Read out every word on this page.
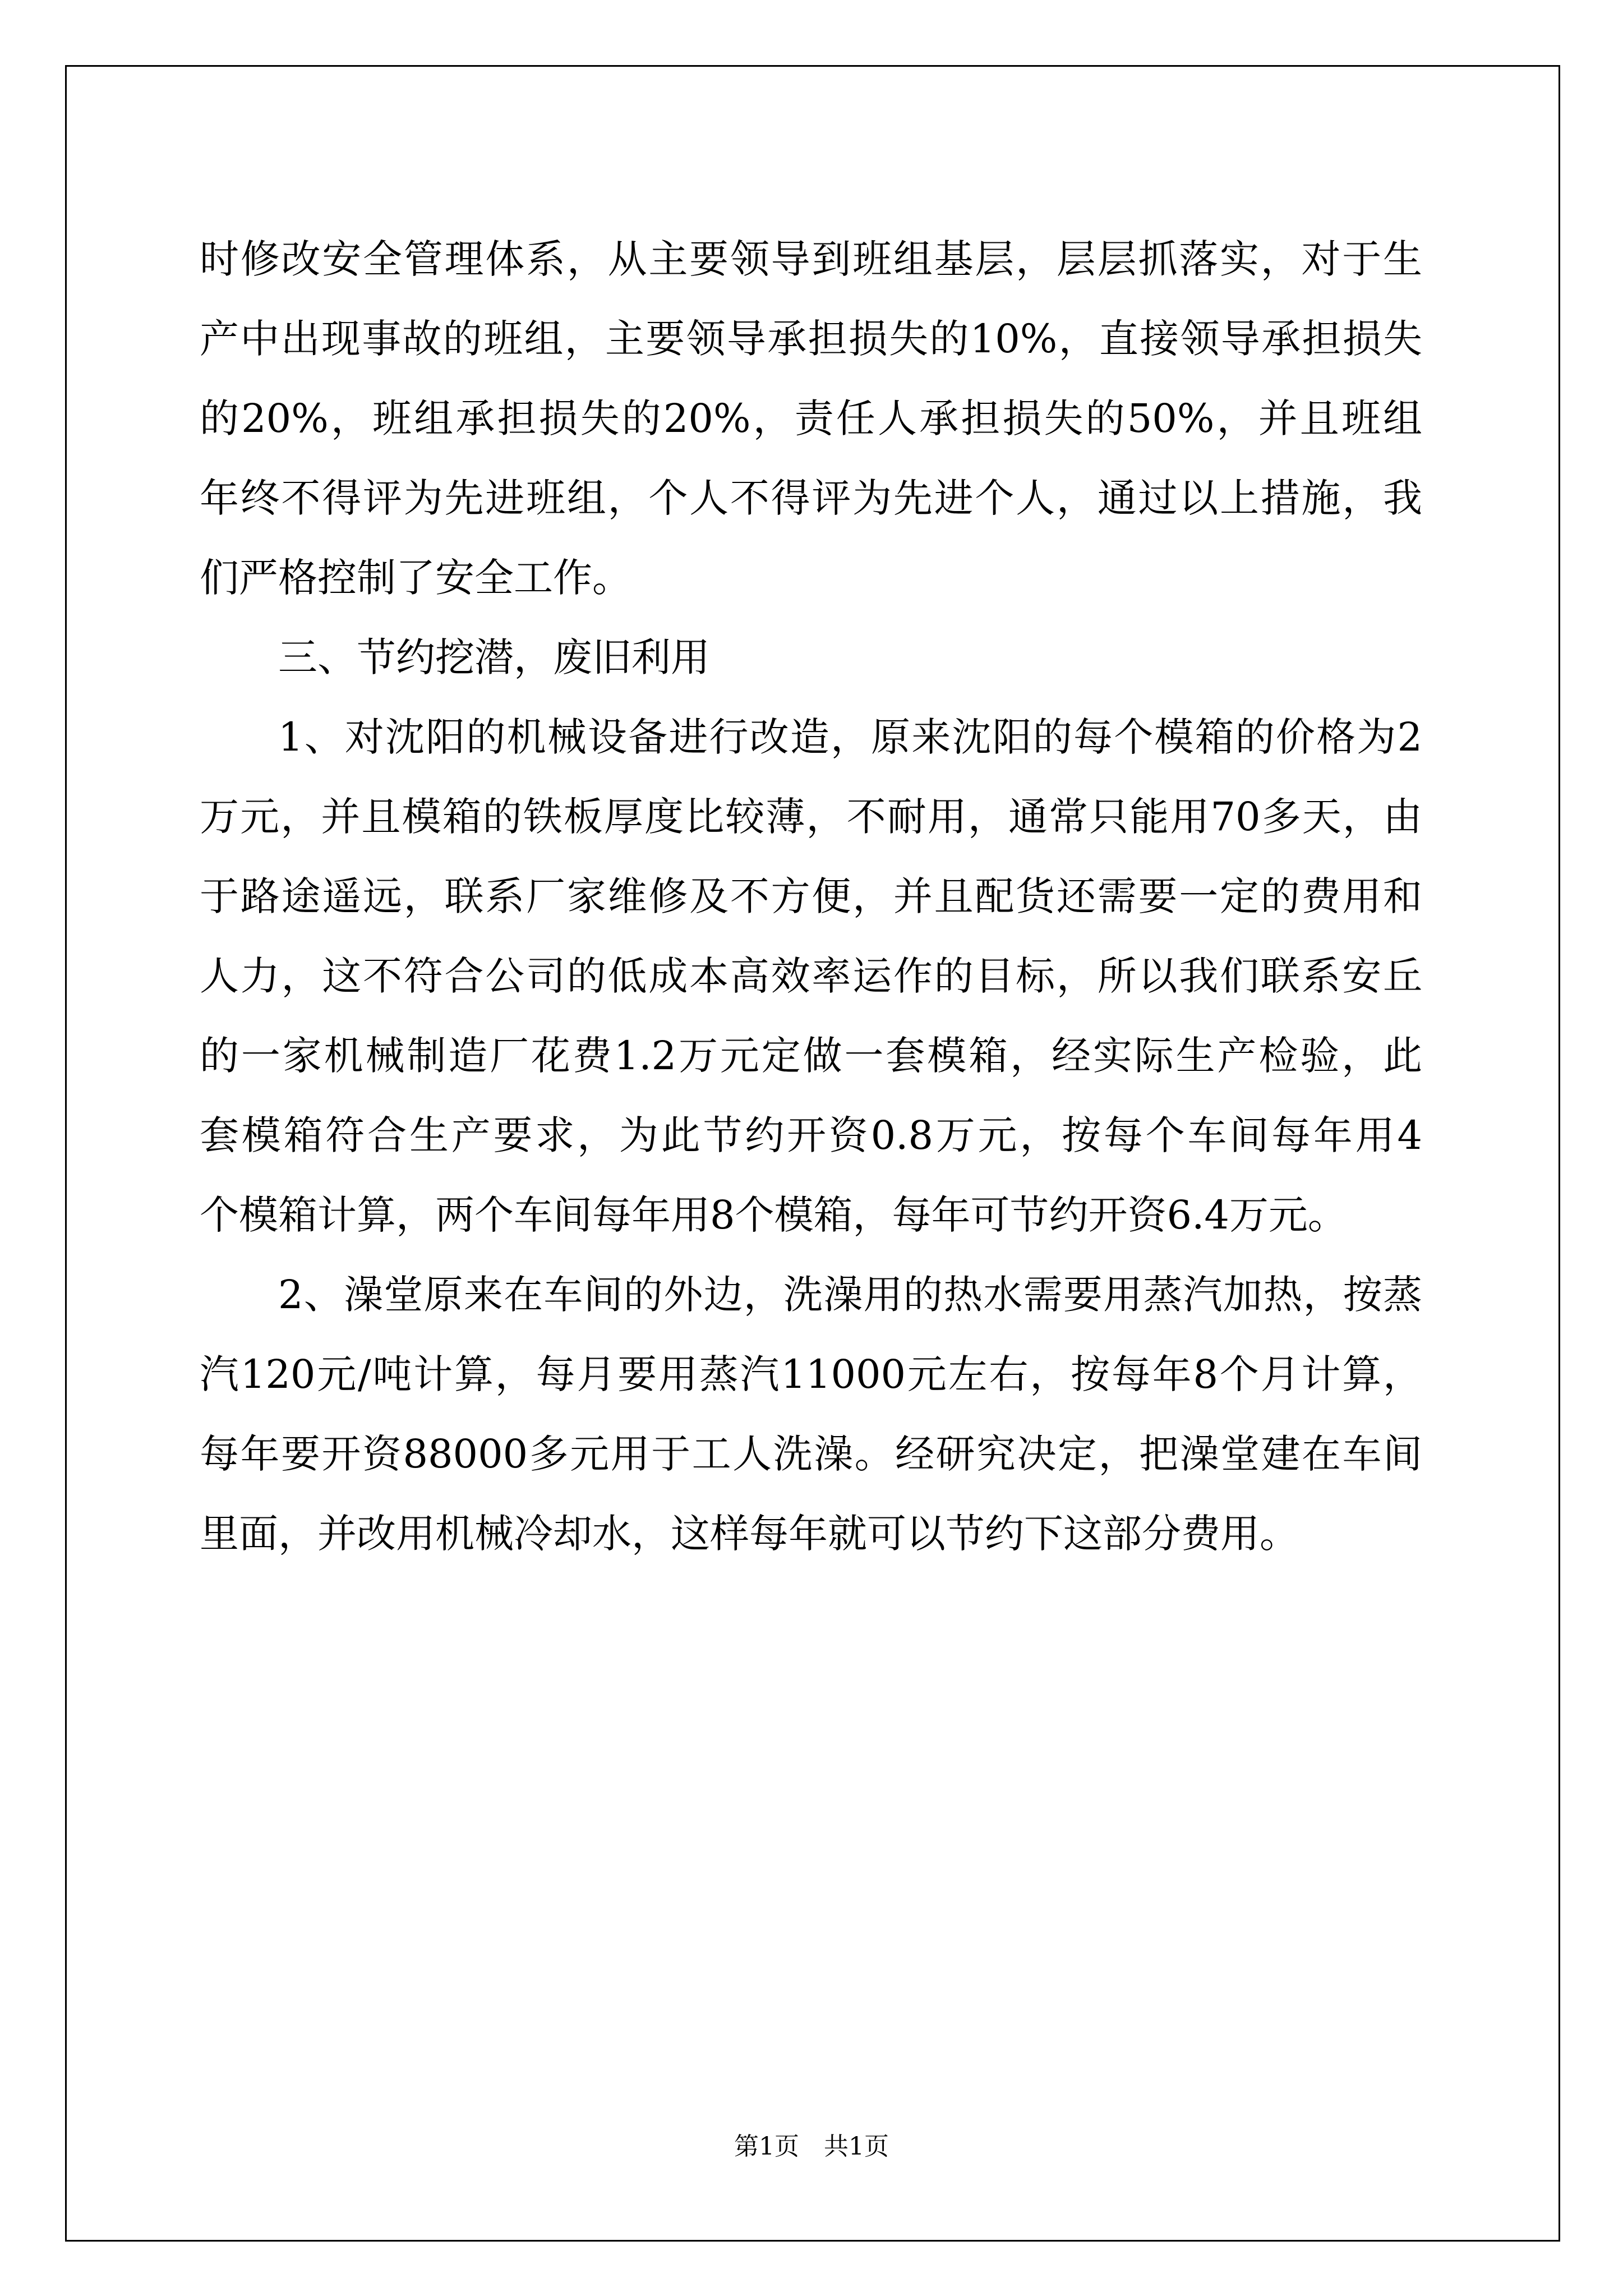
时修改安全管理体系，从主要领导到班组基层，层层抓落实，对于生
产中出现事故的班组，主要领导承担损失的10%，直接领导承担损失
的20%，班组承担损失的20%，责任人承担损失的50%，并且班组
年终不得评为先进班组，个人不得评为先进个人，通过以上措施，我
们严格控制了安全工作。
三、节约挖潜，废旧利用
1、对沈阳的机械设备进行改造，原来沈阳的每个模箱的价格为2
万元，并且模箱的铁板厚度比较薄，不耐用，通常只能用70多天，由
于路途遥远，联系厂家维修及不方便，并且配货还需要一定的费用和
人力，这不符合公司的低成本高效率运作的目标，所以我们联系安丘
的一家机械制造厂花费1.2万元定做一套模箱，经实际生产检验，此
套模箱符合生产要求，为此节约开资0.8万元，按每个车间每年用4
个模箱计算，两个车间每年用8个模箱，每年可节约开资6.4万元。
2、澡堂原来在车间的外边，洗澡用的热水需要用蒸汽加热，按蒸
汽120元/吨计算，每月要用蒸汽11000元左右，按每年8个月计算，
每年要开资88000多元用于工人洗澡。经研究决定，把澡堂建在车间
里面，并改用机械冷却水，这样每年就可以节约下这部分费用。
第1页　共1页
